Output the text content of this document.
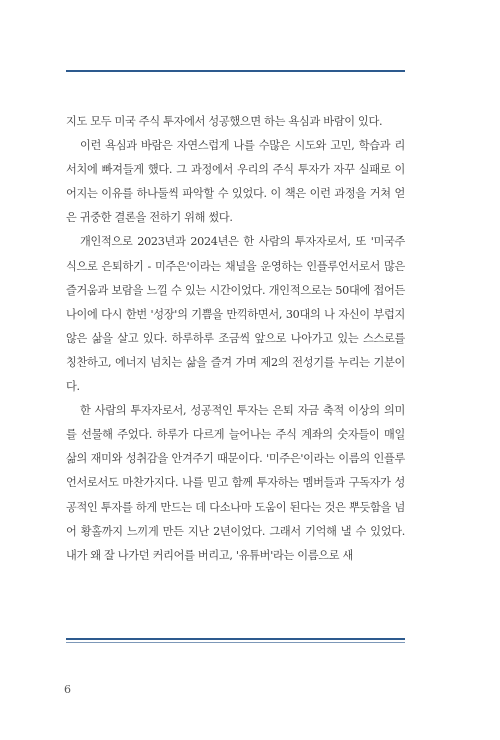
지도 모두 미국 주식 투자에서 성공했으면 하는 욕심과 바람이 있다.

이런 욕심과 바람은 자연스럽게 나를 수많은 시도와 고민, 학습과 리서치에 빠져들게 했다. 그 과정에서 우리의 주식 투자가 자꾸 실패로 이어지는 이유를 하나둘씩 파악할 수 있었다. 이 책은 이런 과정을 거쳐 얻은 귀중한 결론을 전하기 위해 썼다.

개인적으로 2023년과 2024년은 한 사람의 투자자로서, 또 '미국주식으로 은퇴하기 - 미주은'이라는 채널을 운영하는 인플루언서로서 많은 즐거움과 보람을 느낄 수 있는 시간이었다. 개인적으로는 50대에 접어든 나이에 다시 한번 '성장'의 기쁨을 만끽하면서, 30대의 나 자신이 부럽지 않은 삶을 살고 있다. 하루하루 조금씩 앞으로 나아가고 있는 스스로를 칭찬하고, 에너지 넘치는 삶을 즐겨 가며 제2의 전성기를 누리는 기분이다.

한 사람의 투자자로서, 성공적인 투자는 은퇴 자금 축적 이상의 의미를 선물해 주었다. 하루가 다르게 늘어나는 주식 계좌의 숫자들이 매일 삶의 재미와 성취감을 안겨주기 때문이다. '미주은'이라는 이름의 인플루언서로서도 마찬가지다. 나를 믿고 함께 투자하는 멤버들과 구독자가 성공적인 투자를 하게 만드는 데 다소나마 도움이 된다는 것은 뿌듯함을 넘어 황홀까지 느끼게 만든 지난 2년이었다. 그래서 기억해 낼 수 있었다. 내가 왜 잘 나가던 커리어를 버리고, '유튜버'라는 이름으로 새

6
